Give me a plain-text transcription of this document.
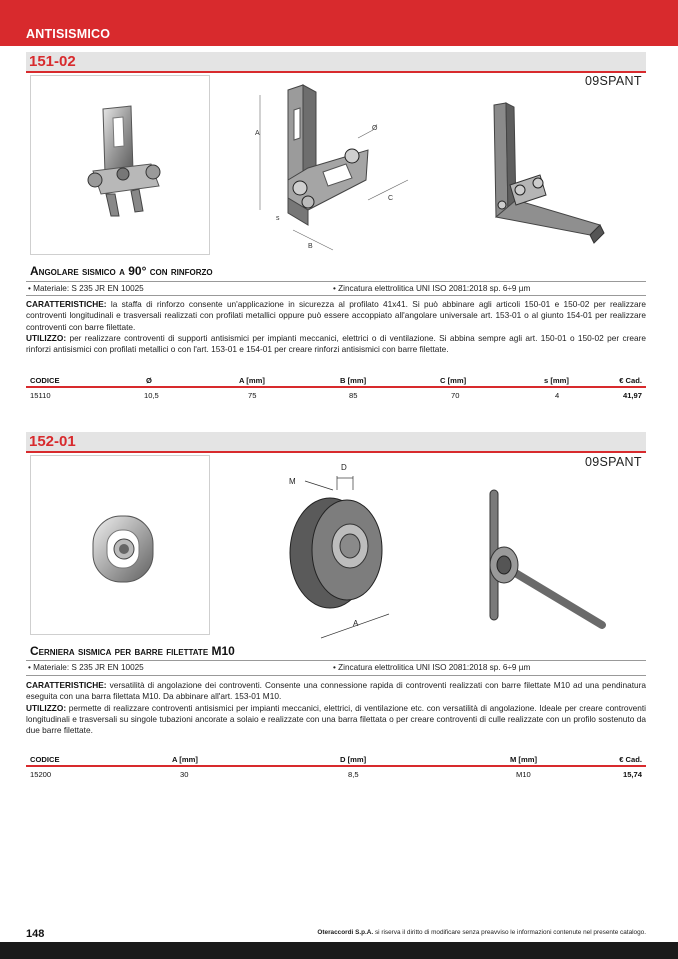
ANTISISMICO
151-02
09SPANT
A
B
C
Ø
s
Angolare sismico a 90° con rinforzo
• Materiale: S 235 JR EN 10025	• Zincatura elettrolitica UNI ISO 2081:2018 sp. 6÷9 µm
CARATTERISTICHE: la staffa di rinforzo consente un'applicazione in sicurezza al profilato 41x41. Si può abbinare agli articoli 150-01 e 150-02 per realizzare controventi longitudinali e trasversali realizzati con profilati metallici oppure può essere accoppiato all'angolare universale art. 153-01 o al giunto 154-01 per realizzare controventi con barre filettate.
UTILIZZO: per realizzare controventi di supporti antisismici per impianti meccanici, elettrici o di ventilazione. Si abbina sempre agli art. 150-01 o 150-02 per creare rinforzi antisismici con profilati metallici o con l'art. 153-01 e 154-01 per creare rinforzi antisismici con barre filettate.
CODICE	Ø	A [mm]	B [mm]	C [mm]	s [mm]	€ Cad.
15110	10,5	75	85	70	4	41,97
152-01
09SPANT
D
M
A
Cerniera sismica per barre filettate M10
• Materiale: S 235 JR EN 10025	• Zincatura elettrolitica UNI ISO 2081:2018 sp. 6÷9 µm
CARATTERISTICHE: versatilità di angolazione dei controventi. Consente una connessione rapida di controventi realizzati con barre filettate M10 ad una pendinatura eseguita con una barra filettata M10. Da abbinare all'art. 153-01 M10.
UTILIZZO: permette di realizzare controventi antisismici per impianti meccanici, elettrici, di ventilazione etc. con versatilità di angolazione. Ideale per creare controventi longitudinali e trasversali su singole tubazioni ancorate a solaio e realizzate con una barra filettata o per creare controventi di culle realizzate con un profilo sostenuto da due barre filettate.
CODICE	A [mm]	D [mm]	M [mm]	€ Cad.
15200	30	8,5	M10	15,74
148	Oteraccordi S.p.A. si riserva il diritto di modificare senza preavviso le informazioni contenute nel presente catalogo.
